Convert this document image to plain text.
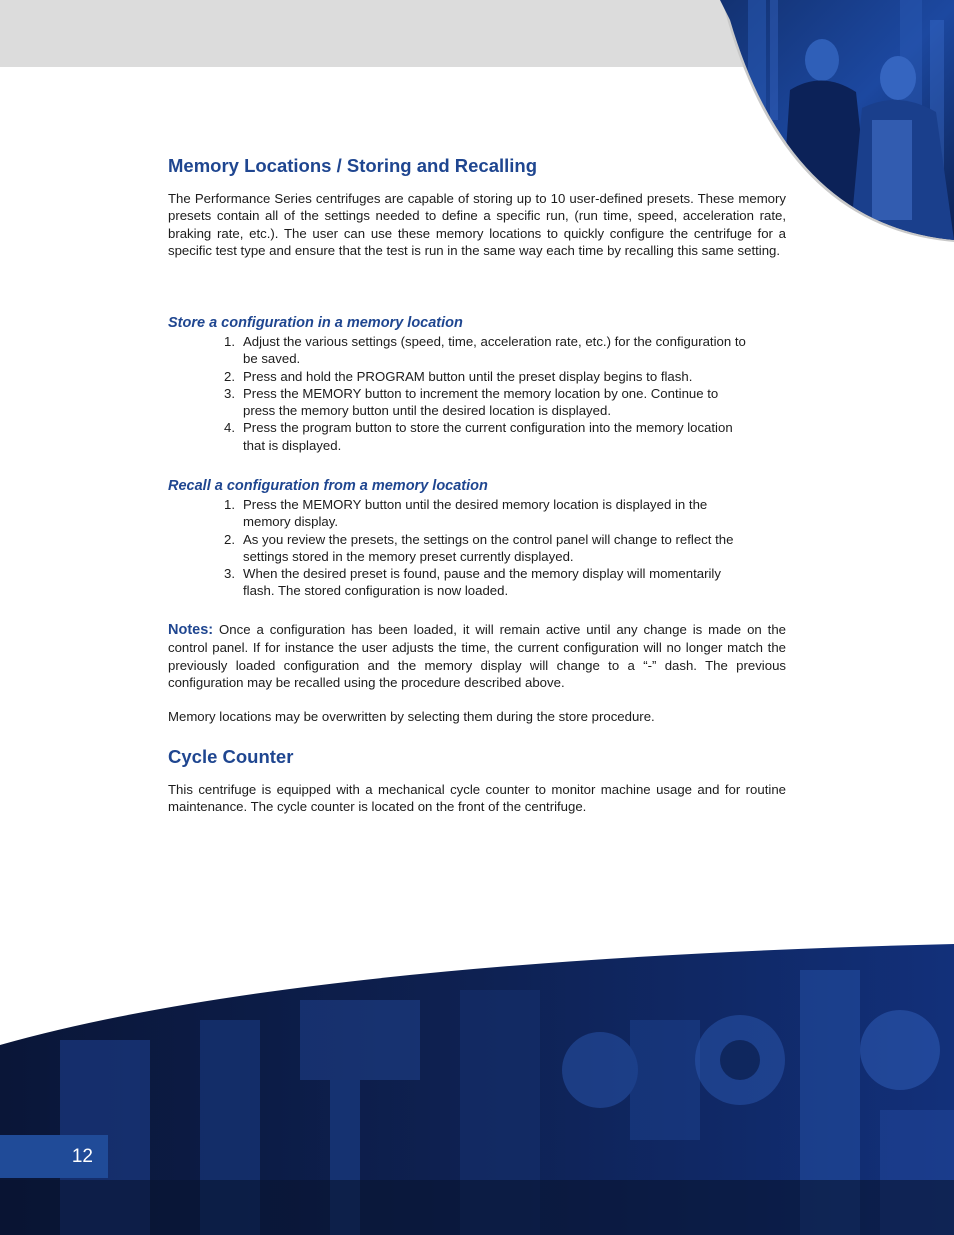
12
Memory Locations / Storing and Recalling

The Performance Series centrifuges are capable of storing up to 10 user-defined presets. These memory presets contain all of the settings needed to define a specific run, (run time, speed, acceleration rate, braking rate, etc.). The user can use these memory locations to quickly configure the centrifuge for a specific test type and ensure that the test is run in the same way each time by recalling this same setting.

Store a configuration in a memory location
1. Adjust the various settings (speed, time, acceleration rate, etc.) for the configuration to be saved.
2. Press and hold the PROGRAM button until the preset display begins to flash.
3. Press the MEMORY button to increment the memory location by one. Continue to press the memory button until the desired location is displayed.
4. Press the program button to store the current configuration into the memory location that is displayed.
Recall a configuration from a memory location
1. Press the MEMORY button until the desired memory location is displayed in the memory display.
2. As you review the presets, the settings on the control panel will change to reflect the settings stored in the memory preset currently displayed.
3. When the desired preset is found, pause and the memory display will momentarily flash. The stored configuration is now loaded.

Notes: Once a configuration has been loaded, it will remain active until any change is made on the control panel. If for instance the user adjusts the time, the current configuration will no longer match the previously loaded configuration and the memory display will change to a “-” dash. The previous configuration may be recalled using the procedure described above.

Memory locations may be overwritten by selecting them during the store procedure.

Cycle Counter

This centrifuge is equipped with a mechanical cycle counter to monitor machine usage and for routine maintenance. The cycle counter is located on the front of the centrifuge.
